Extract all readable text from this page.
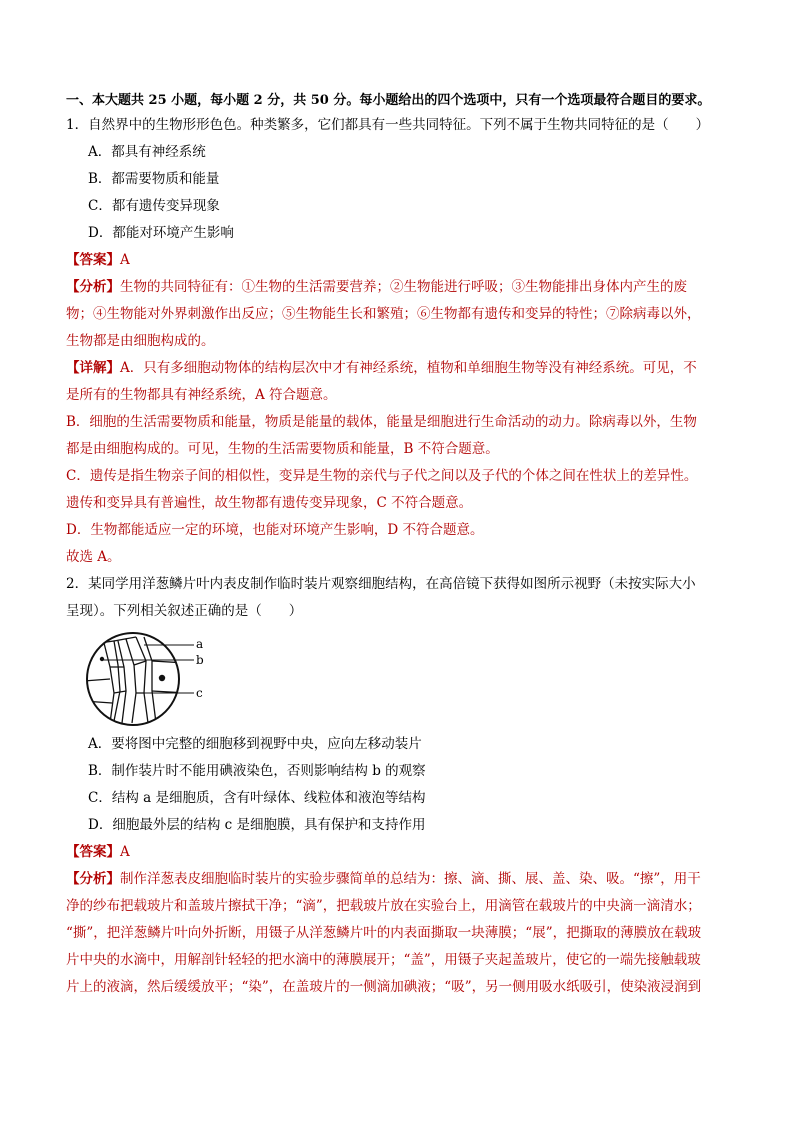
一、本大题共 25 小题，每小题 2 分，共 50 分。每小题给出的四个选项中，只有一个选项最符合题目的要求。
1．自然界中的生物形形色色。种类繁多，它们都具有一些共同特征。下列不属于生物共同特征的是（　　）
A．都具有神经系统
B．都需要物质和能量
C．都有遗传变异现象
D．都能对环境产生影响
【答案】A
【分析】生物的共同特征有：①生物的生活需要营养；②生物能进行呼吸；③生物能排出身体内产生的废
物；④生物能对外界刺激作出反应；⑤生物能生长和繁殖；⑥生物都有遗传和变异的特性；⑦除病毒以外，
生物都是由细胞构成的。
【详解】A．只有多细胞动物体的结构层次中才有神经系统，植物和单细胞生物等没有神经系统。可见，不
是所有的生物都具有神经系统，A 符合题意。
B．细胞的生活需要物质和能量，物质是能量的载体，能量是细胞进行生命活动的动力。除病毒以外，生物
都是由细胞构成的。可见，生物的生活需要物质和能量，B 不符合题意。
C．遗传是指生物亲子间的相似性，变异是生物的亲代与子代之间以及子代的个体之间在性状上的差异性。
遗传和变异具有普遍性，故生物都有遗传变异现象，C 不符合题意。
D．生物都能适应一定的环境，也能对环境产生影响，D 不符合题意。
故选 A。
2．某同学用洋葱鳞片叶内表皮制作临时装片观察细胞结构，在高倍镜下获得如图所示视野（未按实际大小
呈现）。下列相关叙述正确的是（　　）
a
b
c
A．要将图中完整的细胞移到视野中央，应向左移动装片
B．制作装片时不能用碘液染色，否则影响结构 b 的观察
C．结构 a 是细胞质，含有叶绿体、线粒体和液泡等结构
D．细胞最外层的结构 c 是细胞膜，具有保护和支持作用
【答案】A
【分析】制作洋葱表皮细胞临时装片的实验步骤简单的总结为：擦、滴、撕、展、盖、染、吸。“擦”，用干
净的纱布把载玻片和盖玻片擦拭干净；“滴”，把载玻片放在实验台上，用滴管在载玻片的中央滴一滴清水；
“撕”，把洋葱鳞片叶向外折断，用镊子从洋葱鳞片叶的内表面撕取一块薄膜；“展”，把撕取的薄膜放在载玻
片中央的水滴中，用解剖针轻轻的把水滴中的薄膜展开；“盖”，用镊子夹起盖玻片，使它的一端先接触载玻
片上的液滴，然后缓缓放平；“染”，在盖玻片的一侧滴加碘液；“吸”，另一侧用吸水纸吸引，使染液浸润到
